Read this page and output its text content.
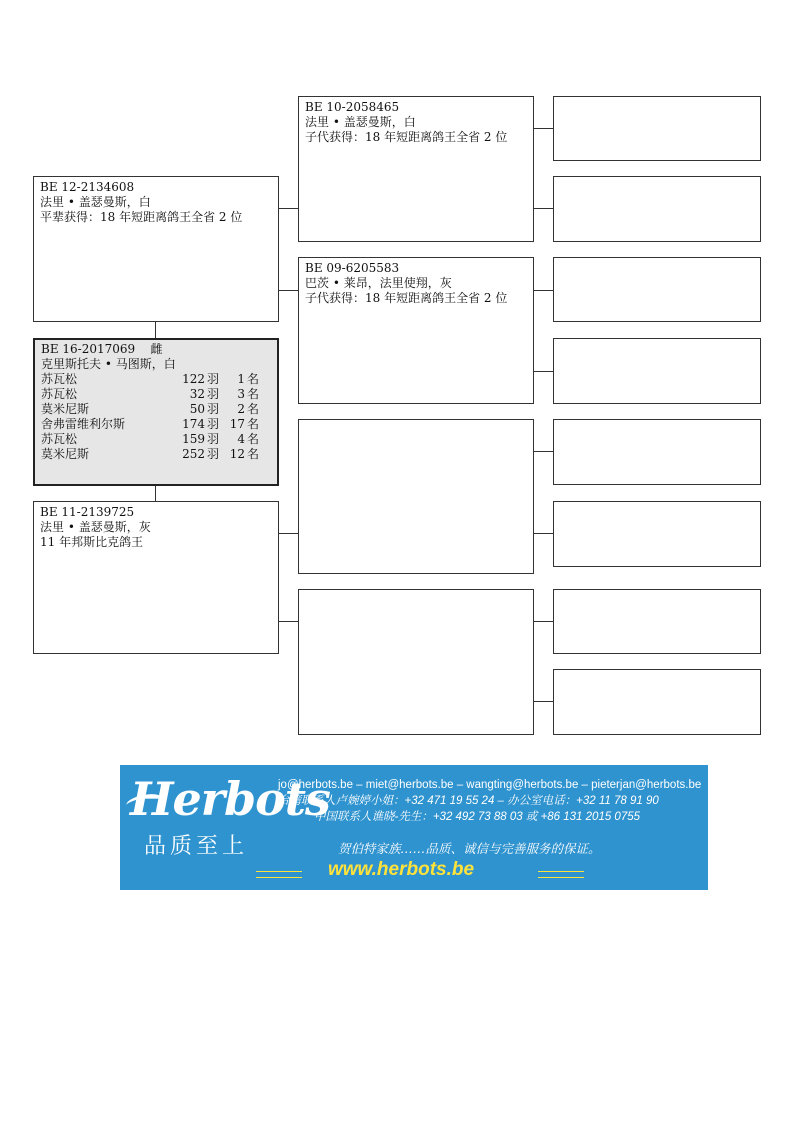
BE 12-2134608
法里 • 盖瑟曼斯，白
平辈获得：18 年短距离鸽王全省 2 位
BE 16-2017069 雌
克里斯托夫 • 马图斯，白
苏瓦松	122	羽	1	名
苏瓦松	32	羽	3	名
莫米尼斯	50	羽	2	名
舍弗雷维利尔斯	174	羽	17	名
苏瓦松	159	羽	4	名
莫米尼斯	252	羽	12	名
BE 11-2139725
法里 • 盖瑟曼斯，灰
11 年邦斯比克鸽王
BE 10-2058465
法里 • 盖瑟曼斯，白
子代获得：18 年短距离鸽王全省 2 位
BE 09-6205583
巴茨 • 莱昂，法里使翔，灰
子代获得：18 年短距离鸽王全省 2 位
Herbots
品质至上
jo@herbots.be – miet@herbots.be – wangting@herbots.be – pieterjan@herbots.be
台湾联系人卢婉婷小姐：+32 471 19 55 24 – 办公室电话：+32 11 78 91 90
中国联系人谯晓-先生：+32 492 73 88 03 或 +86 131 2015 0755
贺伯特家族……品质、诚信与完善服务的保证。
www.herbots.be
